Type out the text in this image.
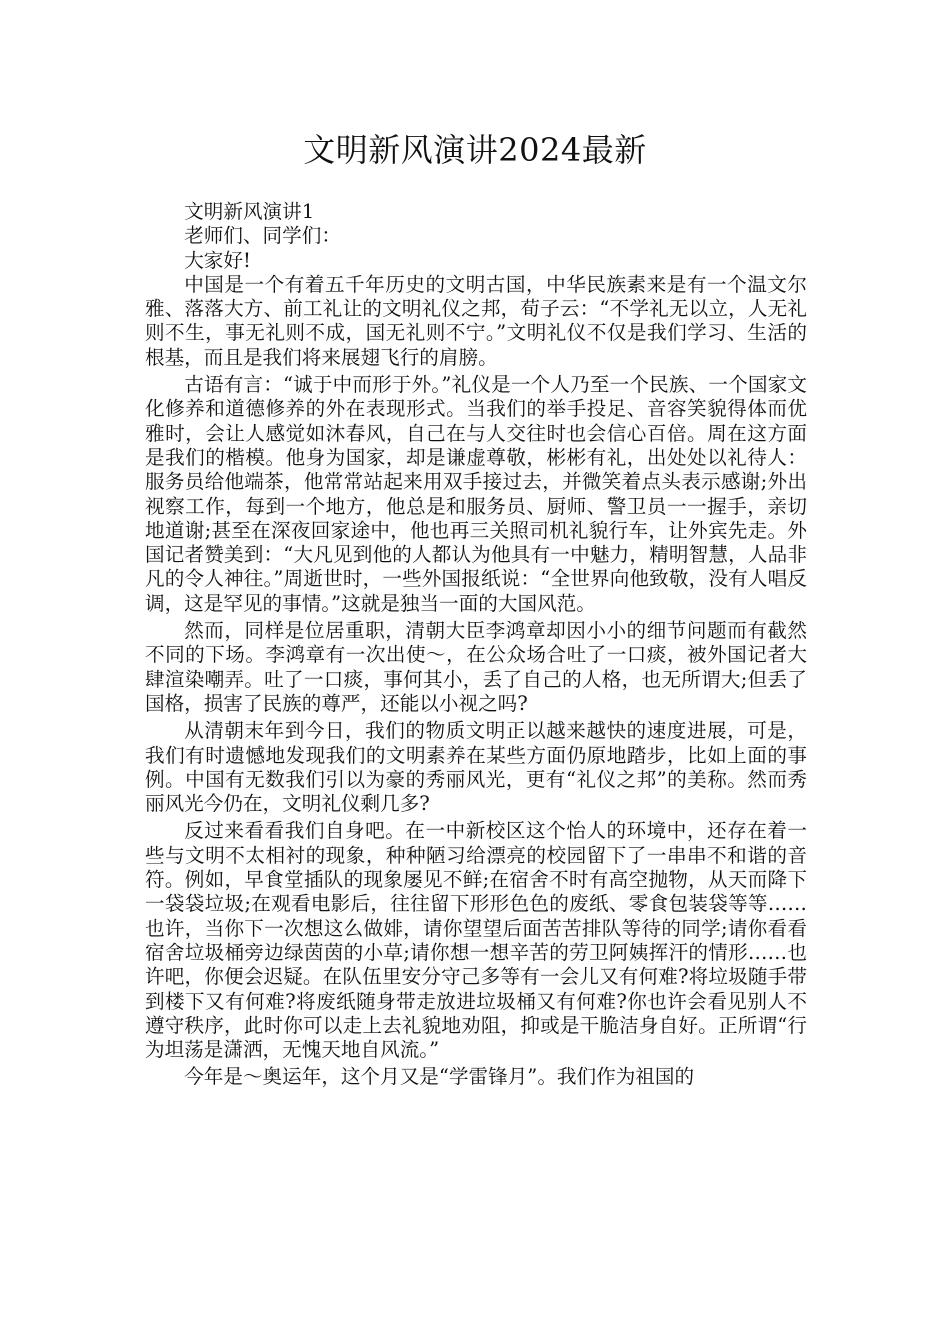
文明新风演讲2024最新

文明新风演讲1

老师们、同学们：

大家好!

中国是一个有着五千年历史的文明古国，中华民族素来是有一个温文尔雅、落落大方、前工礼让的文明礼仪之邦，荀子云：“不学礼无以立，人无礼则不生，事无礼则不成，国无礼则不宁。”文明礼仪不仅是我们学习、生活的根基，而且是我们将来展翅飞行的肩膀。

古语有言：“诚于中而形于外。”礼仪是一个人乃至一个民族、一个国家文化修养和道德修养的外在表现形式。当我们的举手投足、音容笑貌得体而优雅时，会让人感觉如沐春风，自己在与人交往时也会信心百倍。周在这方面是我们的楷模。他身为国家，却是谦虚尊敬，彬彬有礼，出处处以礼待人：服务员给他端茶，他常常站起来用双手接过去，并微笑着点头表示感谢;外出视察工作，每到一个地方，他总是和服务员、厨师、警卫员一一握手，亲切地道谢;甚至在深夜回家途中，他也再三关照司机礼貌行车，让外宾先走。外国记者赞美到：“大凡见到他的人都认为他具有一中魅力，精明智慧，人品非凡的令人神往。”周逝世时，一些外国报纸说：“全世界向他致敬，没有人唱反调，这是罕见的事情。”这就是独当一面的大国风范。

然而，同样是位居重职，清朝大臣李鸿章却因小小的细节问题而有截然不同的下场。李鸿章有一次出使～，在公众场合吐了一口痰，被外国记者大肆渲染嘲弄。吐了一口痰，事何其小，丢了自己的人格，也无所谓大;但丢了国格，损害了民族的尊严，还能以小视之吗?

从清朝末年到今日，我们的物质文明正以越来越快的速度进展，可是，我们有时遗憾地发现我们的文明素养在某些方面仍原地踏步，比如上面的事例。中国有无数我们引以为豪的秀丽风光，更有“礼仪之邦”的美称。然而秀丽风光今仍在，文明礼仪剩几多?

反过来看看我们自身吧。在一中新校区这个怡人的环境中，还存在着一些与文明不太相衬的现象，种种陋习给漂亮的校园留下了一串串不和谐的音符。例如，早食堂插队的现象屡见不鲜;在宿舍不时有高空抛物，从天而降下一袋袋垃圾;在观看电影后，往往留下形形色色的废纸、零食包装袋等等……也许，当你下一次想这么做婔，请你望望后面苦苦排队等待的同学;请你看看宿舍垃圾桶旁边绿茵茵的小草;请你想一想辛苦的劳卫阿姨挥汗的情形……也许吧，你便会迟疑。在队伍里安分守己多等有一会儿又有何难?将垃圾随手带到楼下又有何难?将废纸随身带走放进垃圾桶又有何难?你也许会看见别人不遵守秩序，此时你可以走上去礼貌地劝阻，抑或是干脆洁身自好。正所谓“行为坦荡是潇洒，无愧天地自风流。”

今年是～奥运年，这个月又是“学雷锋月”。我们作为祖国的
